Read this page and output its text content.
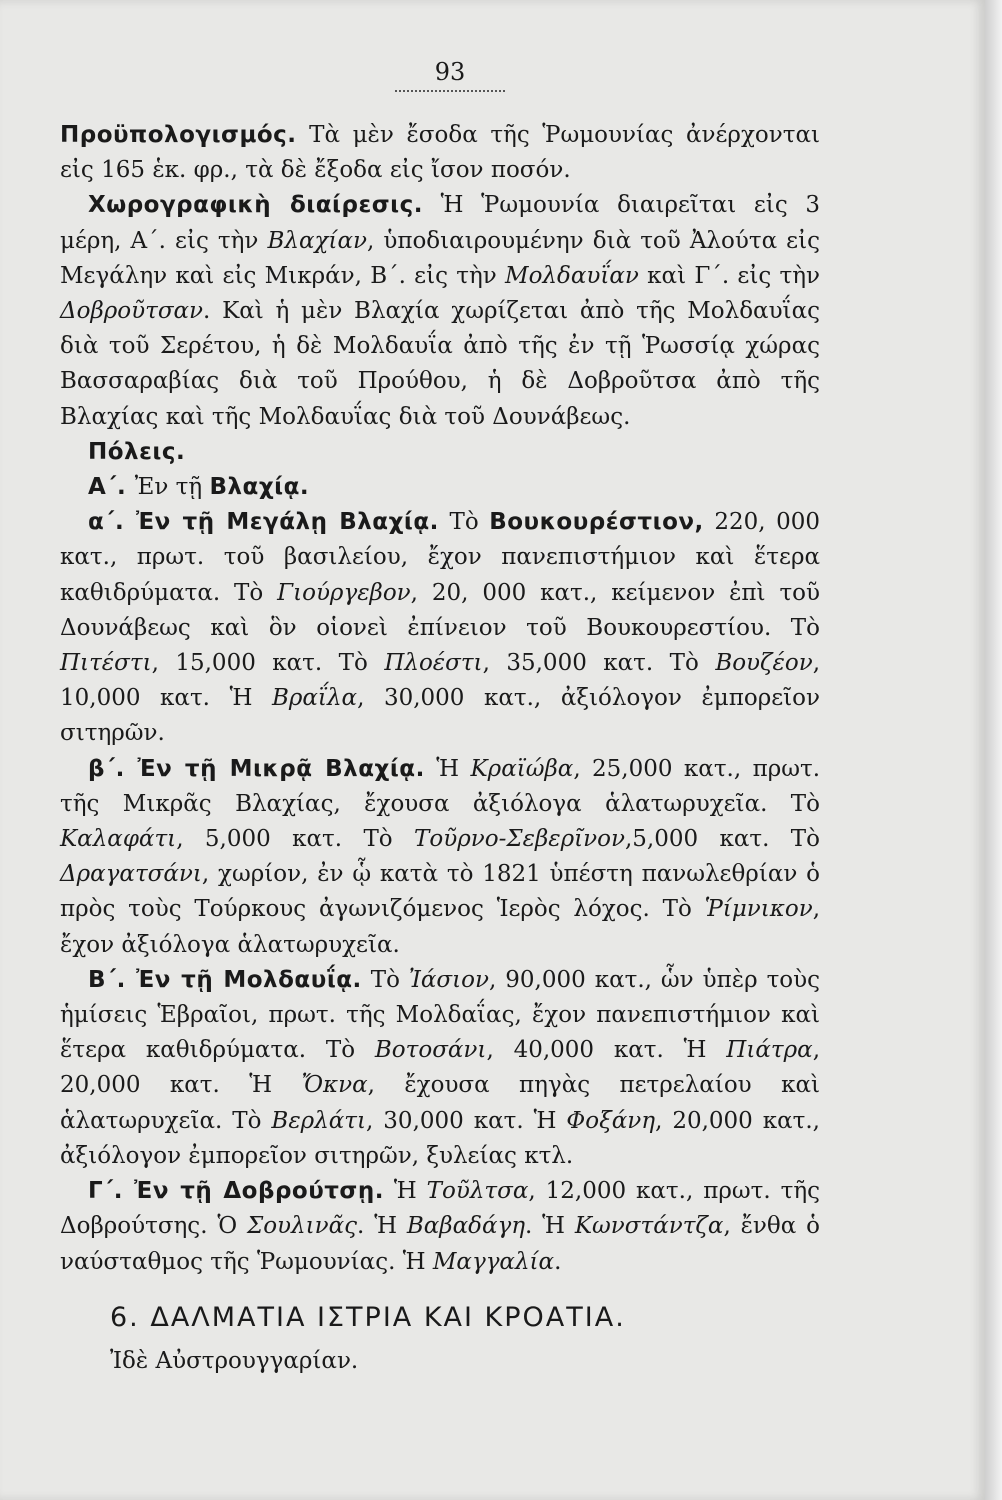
93

Προϋπολογισμός. Τὰ μὲν ἔσοδα τῆς Ῥωμουνίας ἀνέρχονται εἰς 165 ἑκ. φρ., τὰ δὲ ἔξοδα εἰς ἴσον ποσόν.

Χωρογραφικὴ διαίρεσις. Ἡ Ῥωμουνία διαιρεῖται εἰς 3 μέρη, Α΄. εἰς τὴν Βλαχίαν, ὑποδιαιρουμένην διὰ τοῦ Ἀλούτα εἰς Μεγάλην καὶ εἰς Μικράν, Β΄. εἰς τὴν Μολδαυΐαν καὶ Γ΄. εἰς τὴν Δοβροῦτσαν. Καὶ ἡ μὲν Βλαχία χωρίζεται ἀπὸ τῆς Μολδαυΐας διὰ τοῦ Σερέτου, ἡ δὲ Μολδαυΐα ἀπὸ τῆς ἐν τῇ Ῥωσσίᾳ χώρας Βασσαραβίας διὰ τοῦ Προύθου, ἡ δὲ Δοβροῦτσα ἀπὸ τῆς Βλαχίας καὶ τῆς Μολδαυΐας διὰ τοῦ Δουνάβεως.

Πόλεις.

Α΄. Ἐν τῇ Βλαχίᾳ.

α΄. Ἐν τῇ Μεγάλῃ Βλαχίᾳ. Τὸ Βουκουρέστιον, 220, 000 κατ., πρωτ. τοῦ βασιλείου, ἔχον πανεπιστήμιον καὶ ἕτερα καθιδρύματα. Τὸ Γιούργεβον, 20, 000 κατ., κείμενον ἐπὶ τοῦ Δουνάβεως καὶ ὃν οἱονεὶ ἐπίνειον τοῦ Βουκουρεστίου. Τὸ Πιτέστι, 15,000 κατ. Τὸ Πλοέστι, 35,000 κατ. Τὸ Βουζέον, 10,000 κατ. Ἡ Βραΐλα, 30,000 κατ., ἀξιόλογον ἐμπορεῖον σιτηρῶν.

β΄. Ἐν τῇ Μικρᾷ Βλαχίᾳ. Ἡ Κραϊώβα, 25,000 κατ., πρωτ. τῆς Μικρᾶς Βλαχίας, ἔχουσα ἀξιόλογα ἁλατωρυχεῖα. Τὸ Καλαφάτι, 5,000 κατ. Τὸ Τοῦρνο-Σεβερῖνον,5,000 κατ. Τὸ Δραγατσάνι, χωρίον, ἐν ᾧ κατὰ τὸ 1821 ὑπέστη πανωλεθρίαν ὁ πρὸς τοὺς Τούρκους ἀγωνιζόμενος Ἱερὸς λόχος. Τὸ Ῥίμνικον, ἔχον ἀξιόλογα ἁλατωρυχεῖα.

Β΄. Ἐν τῇ Μολδαυΐᾳ. Τὸ Ἰάσιον, 90,000 κατ., ὧν ὑπὲρ τοὺς ἡμίσεις Ἑβραῖοι, πρωτ. τῆς Μολδαΐας, ἔχον πανεπιστήμιον καὶ ἕτερα καθιδρύματα. Τὸ Βοτοσάνι, 40,000 κατ. Ἡ Πιάτρα, 20,000 κατ. Ἡ Ὄκνα, ἔχουσα πηγὰς πετρελαίου καὶ ἁλατωρυχεῖα. Τὸ Βερλάτι, 30,000 κατ. Ἡ Φοξάνη, 20,000 κατ., ἀξιόλογον ἐμπορεῖον σιτηρῶν, ξυλείας κτλ.

Γ΄. Ἐν τῇ Δοβρούτσῃ. Ἡ Τοῦλτσα, 12,000 κατ., πρωτ. τῆς Δοβρούτσης. Ὁ Σουλινᾶς. Ἡ Βαβαδάγη. Ἡ Κωνστάντζα, ἔνθα ὁ ναύσταθμος τῆς Ῥωμουνίας. Ἡ Μαγγαλία.

6. ΔΑΛΜΑΤΙΑ ΙΣΤΡΙΑ ΚΑΙ ΚΡΟΑΤΙΑ.

Ἰδὲ Αὐστρουγγαρίαν.
